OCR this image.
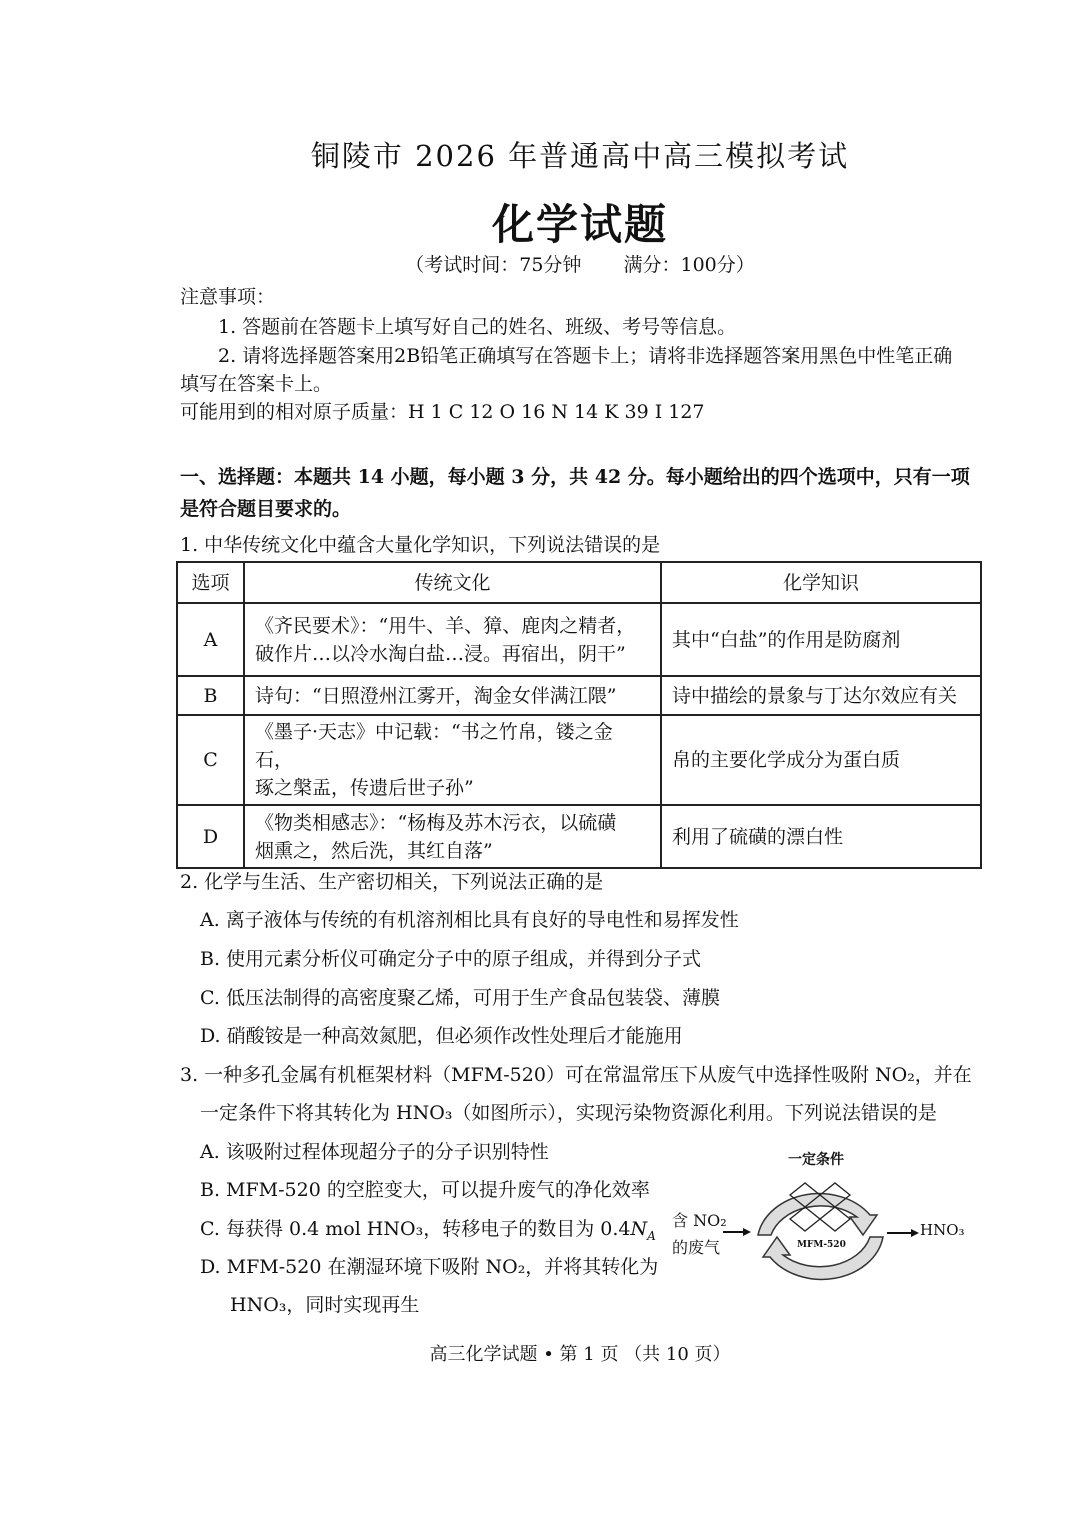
铜陵市 2026 年普通高中高三模拟考试
化学试题
（考试时间：75分钟 满分：100分）
注意事项：
1. 答题前在答题卡上填写好自己的姓名、班级、考号等信息。
2. 请将选择题答案用2B铅笔正确填写在答题卡上；请将非选择题答案用黑色中性笔正确
填写在答案卡上。
可能用到的相对原子质量：H 1 C 12 O 16 N 14 K 39 I 127
一、选择题：本题共 14 小题，每小题 3 分，共 42 分。每小题给出的四个选项中，只有一项
是符合题目要求的。
1. 中华传统文化中蕴含大量化学知识，下列说法错误的是
选项	传统文化	化学知识
A	《齐民要术》：“用牛、羊、獐、鹿肉之精者，
破作片…以冷水淘白盐…浸。再宿出，阴干”	其中“白盐”的作用是防腐剂
B	诗句：“日照澄州江雾开，淘金女伴满江隈”	诗中描绘的景象与丁达尔效应有关
C	《墨子·天志》中记载：“书之竹帛，镂之金石，
琢之槃盂，传遗后世子孙”	帛的主要化学成分为蛋白质
D	《物类相感志》：“杨梅及苏木污衣，以硫磺
烟熏之，然后洗，其红自落”	利用了硫磺的漂白性
2. 化学与生活、生产密切相关，下列说法正确的是
A. 离子液体与传统的有机溶剂相比具有良好的导电性和易挥发性
B. 使用元素分析仪可确定分子中的原子组成，并得到分子式
C. 低压法制得的高密度聚乙烯，可用于生产食品包装袋、薄膜
D. 硝酸铵是一种高效氮肥，但必须作改性处理后才能施用
3. 一种多孔金属有机框架材料（MFM-520）可在常温常压下从废气中选择性吸附 NO₂，并在
一定条件下将其转化为 HNO₃（如图所示），实现污染物资源化利用。下列说法错误的是
A. 该吸附过程体现超分子的分子识别特性
B. MFM-520 的空腔变大，可以提升废气的净化效率
C. 每获得 0.4 mol HNO₃，转移电子的数目为 $0.4N_A$
D. MFM-520 在潮湿环境下吸附 NO₂，并将其转化为
HNO₃，同时实现再生
一定条件
含 NO₂
的废气	MFM-520
HNO₃
高三化学试题 • 第 1 页 （共 10 页）
